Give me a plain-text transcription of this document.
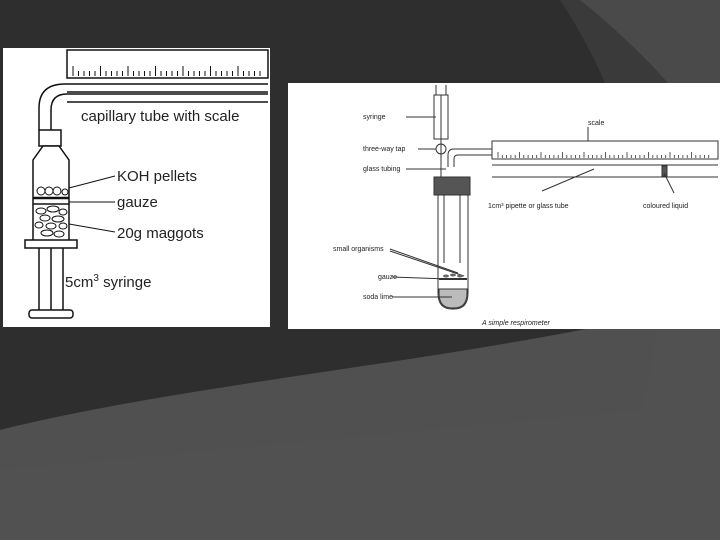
capillary tube with scale
KOH pellets
gauze
20g maggots
$5cm^3$ syringe
syringe
three-way tap
glass tubing
scale
1cm³ pipette or glass tube	coloured liquid
small organisms
gauze
soda lime
A simple respirometer
